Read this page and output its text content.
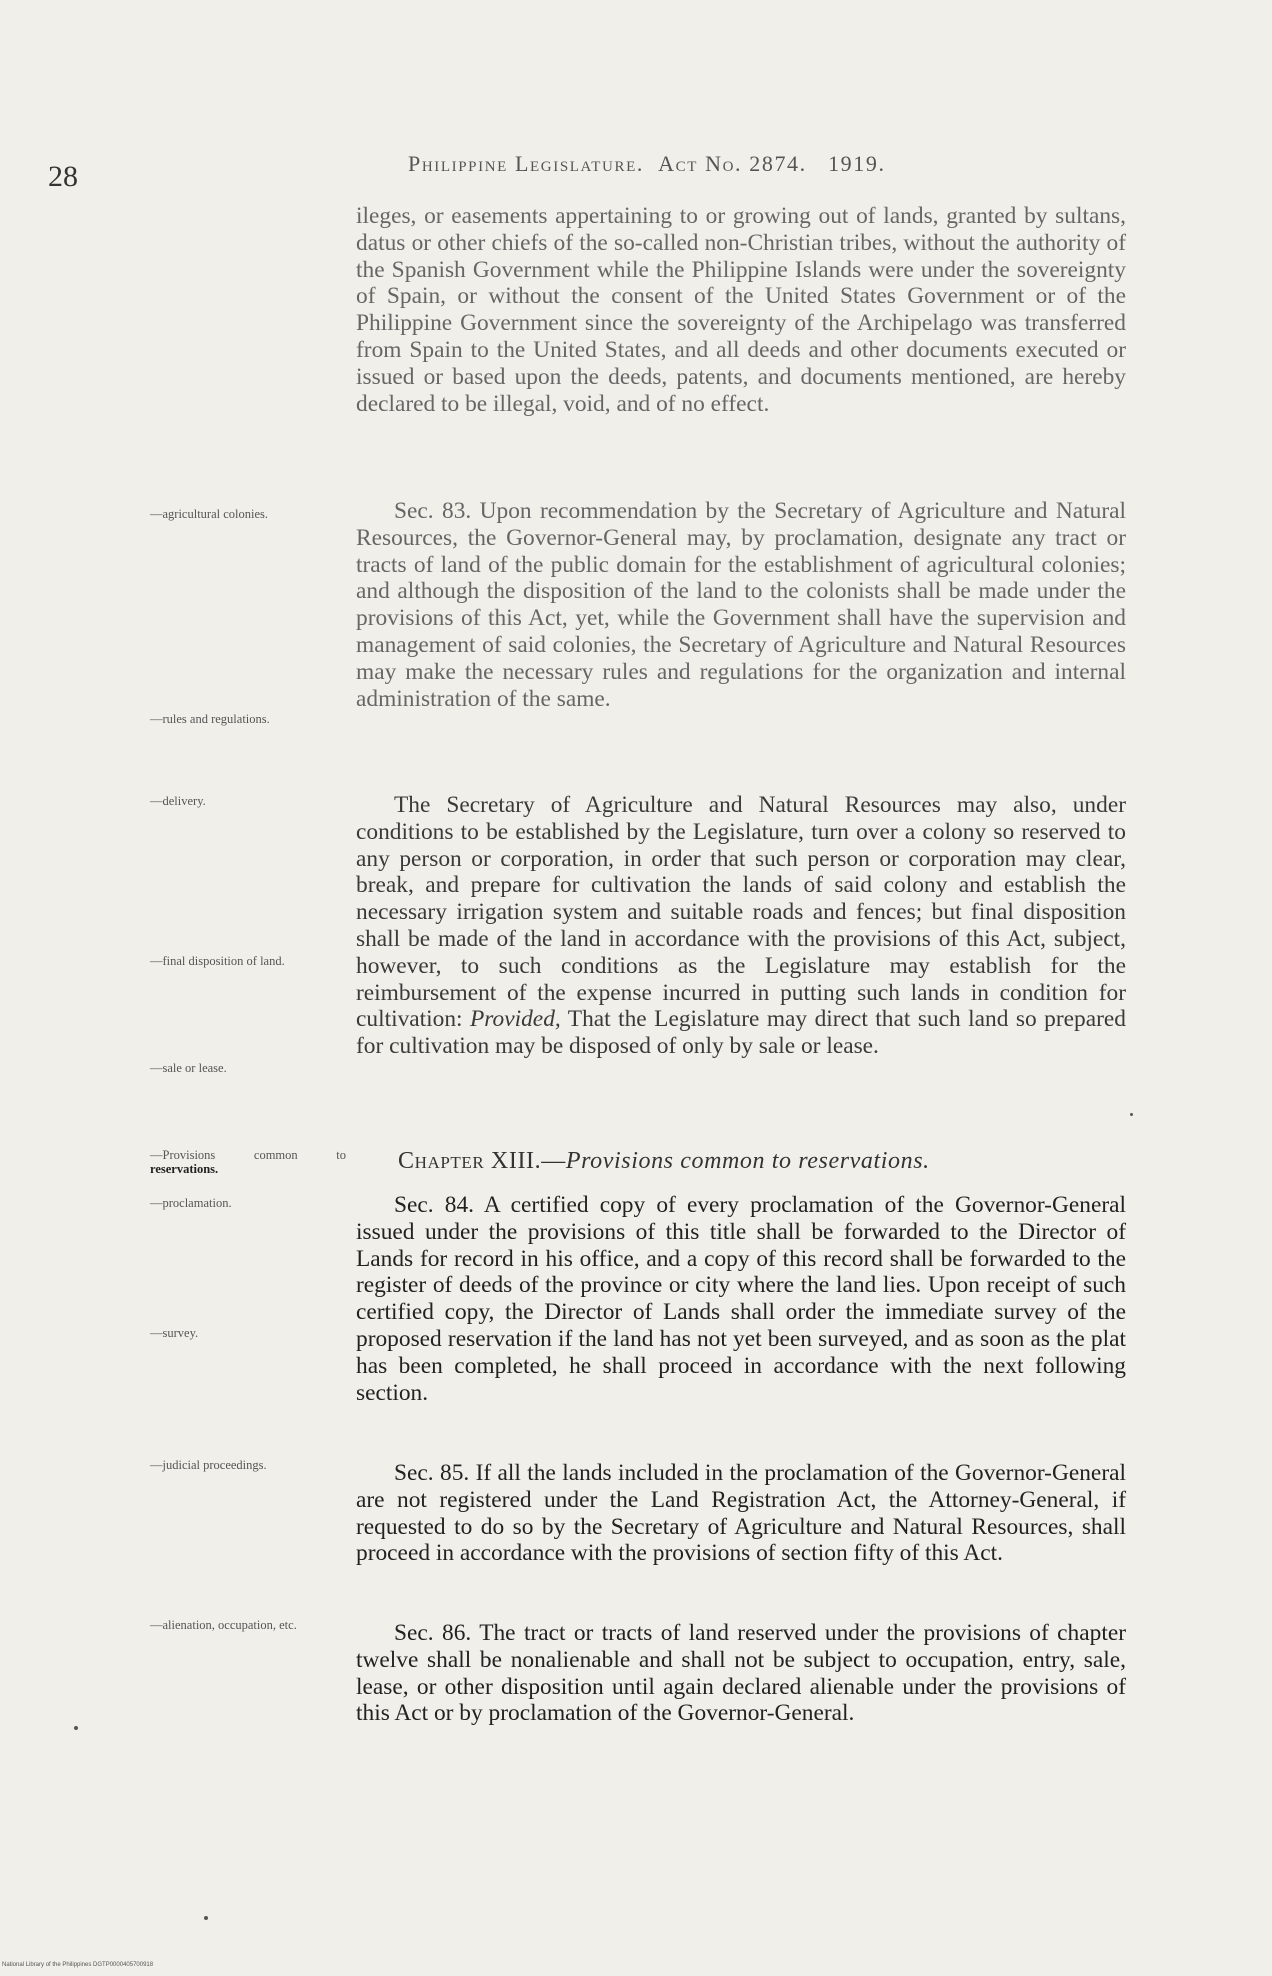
28	Philippine Legislature. Act No. 2874. 1919.

ileges, or easements appertaining to or growing out of lands, granted by sultans, datus or other chiefs of the so-called non-Christian tribes, without the authority of the Spanish Government while the Philippine Islands were under the sovereignty of Spain, or without the consent of the United States Government or of the Philippine Government since the sovereignty of the Archipelago was transferred from Spain to the United States, and all deeds and other documents executed or issued or based upon the deeds, patents, and documents mentioned, are hereby declared to be illegal, void, and of no effect.

Sec. 83. Upon recommendation by the Secretary of Agriculture and Natural Resources, the Governor-General may, by proclamation, designate any tract or tracts of land of the public domain for the establishment of agricultural colonies; and although the disposition of the land to the colonists shall be made under the provisions of this Act, yet, while the Government shall have the supervision and management of said colonies, the Secretary of Agriculture and Natural Resources may make the necessary rules and regulations for the organization and internal administration of the same.

The Secretary of Agriculture and Natural Resources may also, under conditions to be established by the Legislature, turn over a colony so reserved to any person or corporation, in order that such person or corporation may clear, break, and prepare for cultivation the lands of said colony and establish the necessary irrigation system and suitable roads and fences; but final disposition shall be made of the land in accordance with the provisions of this Act, subject, however, to such conditions as the Legislature may establish for the reimbursement of the expense incurred in putting such lands in condition for cultivation: Provided, That the Legislature may direct that such land so prepared for cultivation may be disposed of only by sale or lease.

Chapter XIII.—Provisions common to reservations.

Sec. 84. A certified copy of every proclamation of the Governor-General issued under the provisions of this title shall be forwarded to the Director of Lands for record in his office, and a copy of this record shall be forwarded to the register of deeds of the province or city where the land lies. Upon receipt of such certified copy, the Director of Lands shall order the immediate survey of the proposed reservation if the land has not yet been surveyed, and as soon as the plat has been completed, he shall proceed in accordance with the next following section.

Sec. 85. If all the lands included in the proclamation of the Governor-General are not registered under the Land Registration Act, the Attorney-General, if requested to do so by the Secretary of Agriculture and Natural Resources, shall proceed in accordance with the provisions of section fifty of this Act.

Sec. 86. The tract or tracts of land reserved under the provisions of chapter twelve shall be nonalienable and shall not be subject to occupation, entry, sale, lease, or other disposition until again declared alienable under the provisions of this Act or by proclamation of the Governor-General.

—agricultural colonies.
—rules and regulations.
—delivery.
—final disposition of land.
—sale or lease.
—Provisions common to reservations.
—proclamation.
—survey.
—judicial proceedings.
—alienation, occupation, etc.
National Library of the Philippines DGTP0000405700918
